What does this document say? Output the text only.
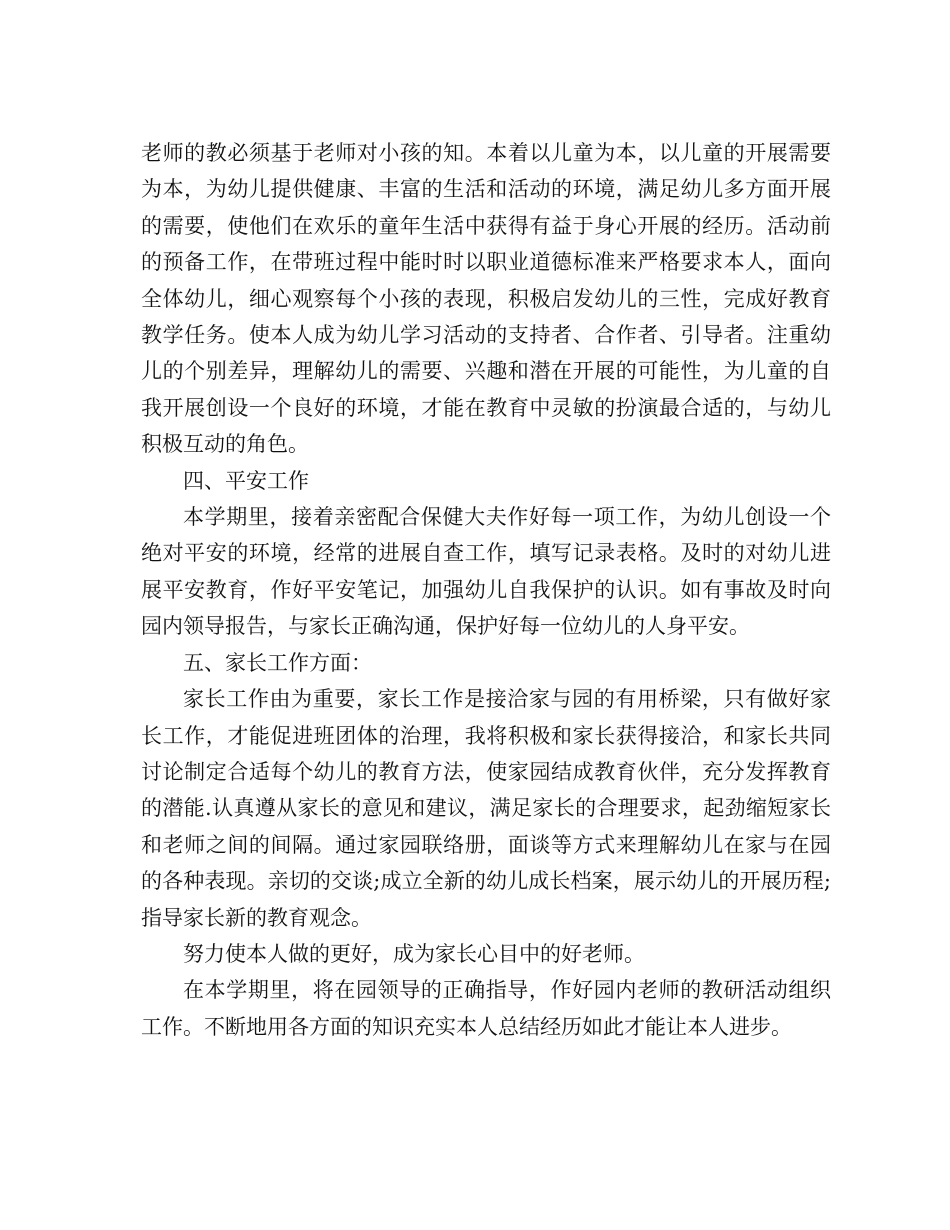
老师的教必须基于老师对小孩的知。本着以儿童为本，以儿童的开展需要为本，为幼儿提供健康、丰富的生活和活动的环境，满足幼儿多方面开展的需要，使他们在欢乐的童年生活中获得有益于身心开展的经历。活动前的预备工作，在带班过程中能时时以职业道德标准来严格要求本人，面向全体幼儿，细心观察每个小孩的表现，积极启发幼儿的三性，完成好教育教学任务。使本人成为幼儿学习活动的支持者、合作者、引导者。注重幼儿的个别差异，理解幼儿的需要、兴趣和潜在开展的可能性，为儿童的自我开展创设一个良好的环境，才能在教育中灵敏的扮演最合适的，与幼儿积极互动的角色。

四、平安工作

本学期里，接着亲密配合保健大夫作好每一项工作，为幼儿创设一个绝对平安的环境，经常的进展自查工作，填写记录表格。及时的对幼儿进展平安教育，作好平安笔记，加强幼儿自我保护的认识。如有事故及时向园内领导报告，与家长正确沟通，保护好每一位幼儿的人身平安。

五、家长工作方面：

家长工作由为重要，家长工作是接洽家与园的有用桥梁，只有做好家长工作，才能促进班团体的治理，我将积极和家长获得接洽，和家长共同讨论制定合适每个幼儿的教育方法，使家园结成教育伙伴，充分发挥教育的潜能.认真遵从家长的意见和建议，满足家长的合理要求，起劲缩短家长和老师之间的间隔。通过家园联络册，面谈等方式来理解幼儿在家与在园的各种表现。亲切的交谈;成立全新的幼儿成长档案，展示幼儿的开展历程;指导家长新的教育观念。

努力使本人做的更好，成为家长心目中的好老师。

在本学期里，将在园领导的正确指导，作好园内老师的教研活动组织工作。不断地用各方面的知识充实本人总结经历如此才能让本人进步。
